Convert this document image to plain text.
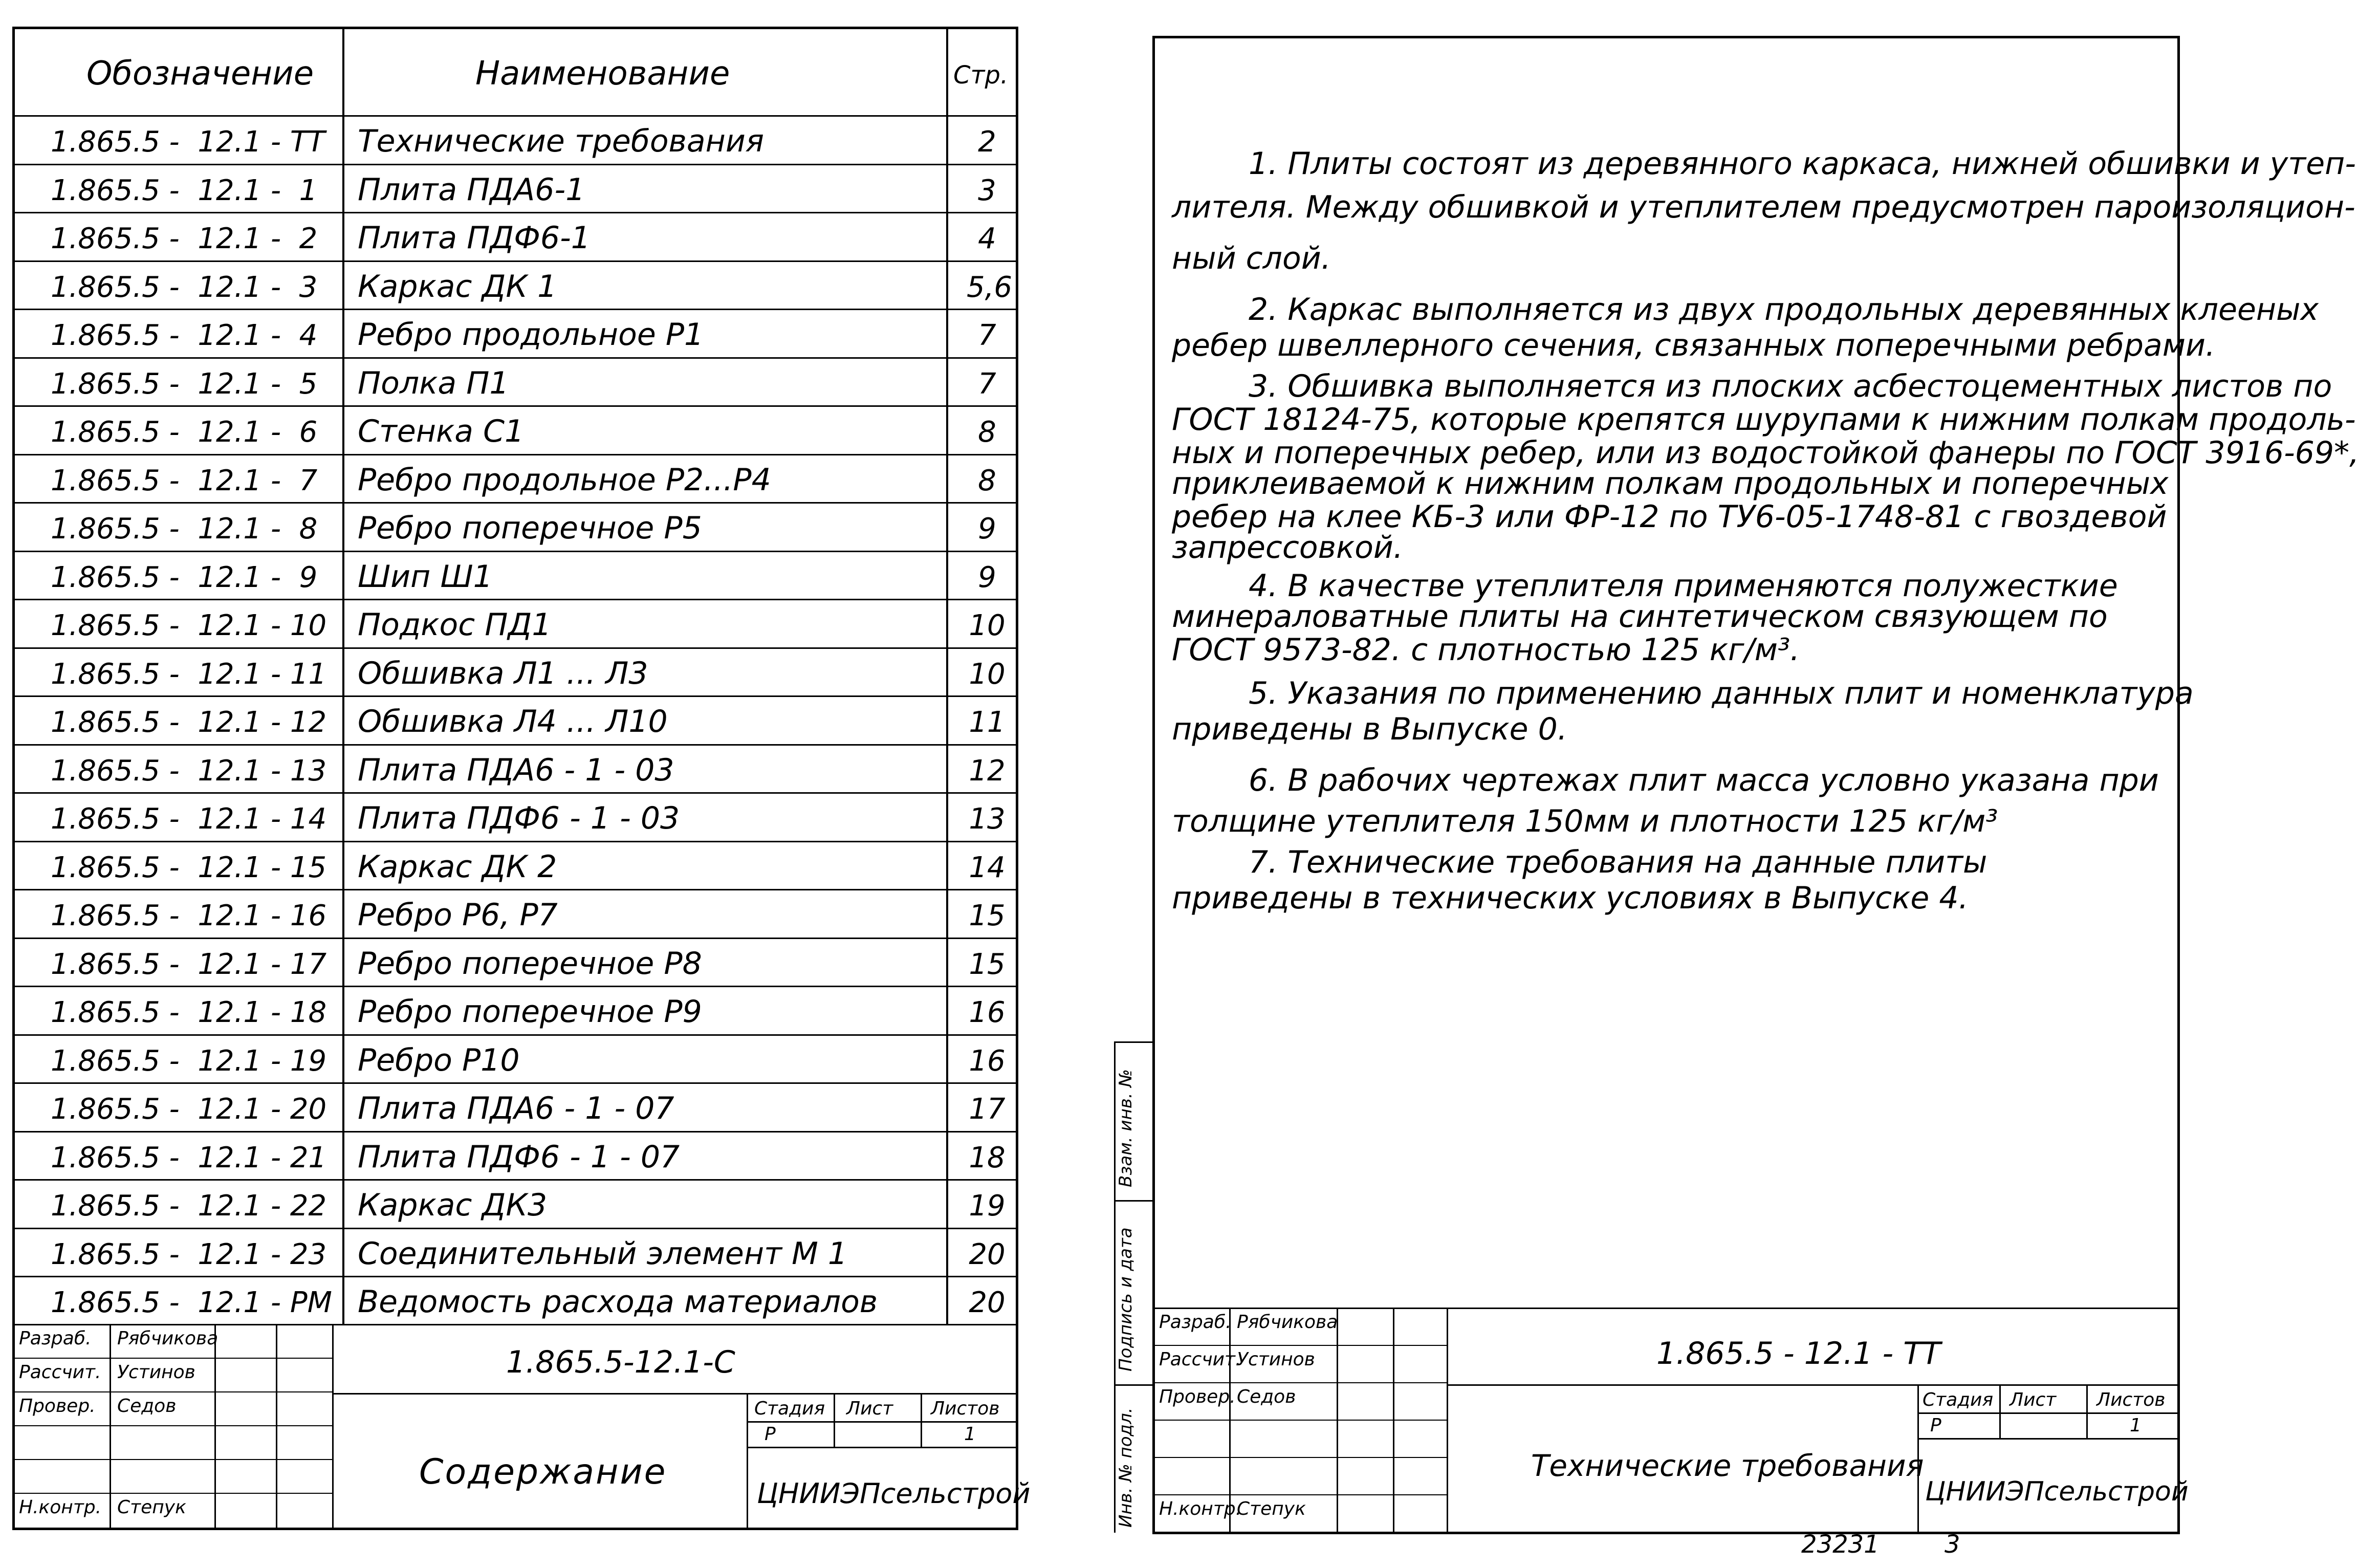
Обозначение	Наименование	Стр.
1.865.5 -  12.1 - ТТ Технические требования	2
1.865.5 -  12.1 -  1 Плита ПДА6-1	3
1.865.5 -  12.1 -  2 Плита ПДФ6-1	4
1.865.5 -  12.1 -  3 Каркас ДК 1	5,6
1.865.5 -  12.1 -  4 Ребро продольное Р1	7
1.865.5 -  12.1 -  5 Полка П1	7
1.865.5 -  12.1 -  6 Стенка С1	8
1.865.5 -  12.1 -  7 Ребро продольное Р2...Р4	8
1.865.5 -  12.1 -  8 Ребро поперечное Р5	9
1.865.5 -  12.1 -  9 Шип Ш1	9
1.865.5 -  12.1 - 10 Подкос ПД1	10
1.865.5 -  12.1 - 11 Обшивка Л1 ... Л3	10
1.865.5 -  12.1 - 12 Обшивка Л4 ... Л10	11
1.865.5 -  12.1 - 13 Плита ПДА6 - 1 - 03	12
1.865.5 -  12.1 - 14 Плита ПДФ6 - 1 - 03	13
1.865.5 -  12.1 - 15 Каркас ДК 2	14
1.865.5 -  12.1 - 16 Ребро Р6, Р7	15
1.865.5 -  12.1 - 17 Ребро поперечное Р8	15
1.865.5 -  12.1 - 18 Ребро поперечное Р9	16
1.865.5 -  12.1 - 19 Ребро Р10	16
1.865.5 -  12.1 - 20 Плита ПДА6 - 1 - 07	17
1.865.5 -  12.1 - 21 Плита ПДФ6 - 1 - 07	18
1.865.5 -  12.1 - 22 Каркас ДК3	19
1.865.5 -  12.1 - 23 Соединительный элемент М 1	20
1.865.5 -  12.1 - РМ Ведомость расхода материалов	20
Разраб. Рябчикова
Рассчит. Устинов
Провер. Седов
Н.контр. Степук
1.865.5-12.1-С
Содержание
Стадия Лист Листов
Р	1
ЦНИИЭПсельстрой
Разраб. Рябчикова
Рассчит.
Устинов
Провер. Седов
Н.контр.
Степук
1.865.5 - 12.1 - ТТ
Технические требования
Стадия Лист Листов
Р	1
ЦНИИЭПсельстрой
Инв. № подл.
Подпись и дата
Взам. инв. №
1. Плиты состоят из деревянного каркаса, нижней обшивки и утеп-
лителя. Между обшивкой и утеплителем предусмотрен пароизоляцион-
ный слой.
2. Каркас выполняется из двух продольных деревянных клееных
ребер швеллерного сечения, связанных поперечными ребрами.
3. Обшивка выполняется из плоских асбестоцементных листов по
ГОСТ 18124-75, которые крепятся шурупами к нижним полкам продоль-
ных и поперечных ребер, или из водостойкой фанеры по ГОСТ 3916-69*,
приклеиваемой к нижним полкам продольных и поперечных
ребер на клее КБ-3 или ФР-12 по ТУ6-05-1748-81 с гвоздевой
запрессовкой.
4. В качестве утеплителя применяются полужесткие
минераловатные плиты на синтетическом связующем по
ГОСТ 9573-82. с плотностью 125 кг/м³.
5. Указания по применению данных плит и номенклатура
приведены в Выпуске 0.
6. В рабочих чертежах плит масса условно указана при
толщине утеплителя 150мм и плотности 125 кг/м³
7. Технические требования на данные плиты
приведены в технических условиях в Выпуске 4.
23231	3
